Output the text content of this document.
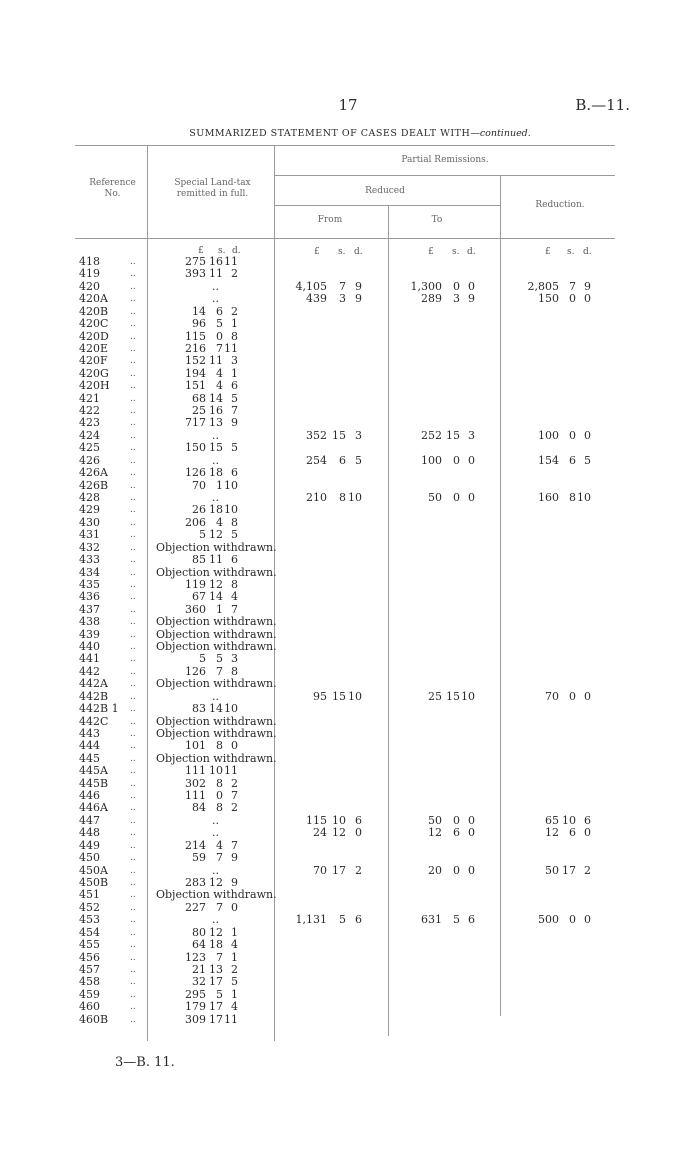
17	B.—11.
SUMMARIZED STATEMENT OF CASES DEALT WITH—continued.
Reference No.
Special Land-tax remitted in full.
Partial Remissions.
Reduced
From	To
Reduction.
£ s. d.	£ s. d.	£ s. d.	£ s. d.
418	..	275 16 11
419	..	393 11 2
420	..	..	4,105 7 9	1,300 0 0	2,805 7 9
420A ..	..	439 3 9	289 3 9	150 0 0
420B ..	14 6 2
420C ..	96 5 1
420D ..	115 0 8
420E ..	216 7 11
420F ..	152 11 3
420G ..	194 4 1
420H ..	151 4 6
421	..	68 14 5
422	..	25 16 7
423	..	717 13 9
424	..	..	352 15 3	252 15 3	100 0 0
425	..	150 15 5
426	..	..	254 6 5	100 0 0	154 6 5
426A ..	126 18 6
426B ..	70 1 10
428	..	..	210 8 10	50 0 0	160 8 10
429	..	26 18 10
430	..	206 4 8
431	..	5 12 5
432	.. Objection withdrawn.
433	..	85 11 6
434	.. Objection withdrawn.
435	..	119 12 8
436	..	67 14 4
437	..	360 1 7
438	.. Objection withdrawn.
439	.. Objection withdrawn.
440	.. Objection withdrawn.
441	..	5 5 3
442	..	126 7 8
442A .. Objection withdrawn.
442B ..	..	95 15 10	25 15 10	70 0 0
442B 1 ..	83 14 10
442C .. Objection withdrawn.
443	.. Objection withdrawn.
444	..	101 8 0
445	.. Objection withdrawn.
445A ..	111 10 11
445B ..	302 8 2
446	..	111 0 7
446A ..	84 8 2
447	..	..	115 10 6	50 0 0	65 10 6
448	..	..	24 12 0	12 6 0	12 6 0
449	..	214 4 7
450	..	59 7 9
450A ..	..	70 17 2	20 0 0	50 17 2
450B ..	283 12 9
451	.. Objection withdrawn.
452	..	227 7 0
453	..	..	1,131 5 6	631 5 6	500 0 0
454	..	80 12 1
455	..	64 18 4
456	..	123 7 1
457	..	21 13 2
458	..	32 17 5
459	..	295 5 1
460	..	179 17 4
460B ..	309 17 11
3—B. 11.
